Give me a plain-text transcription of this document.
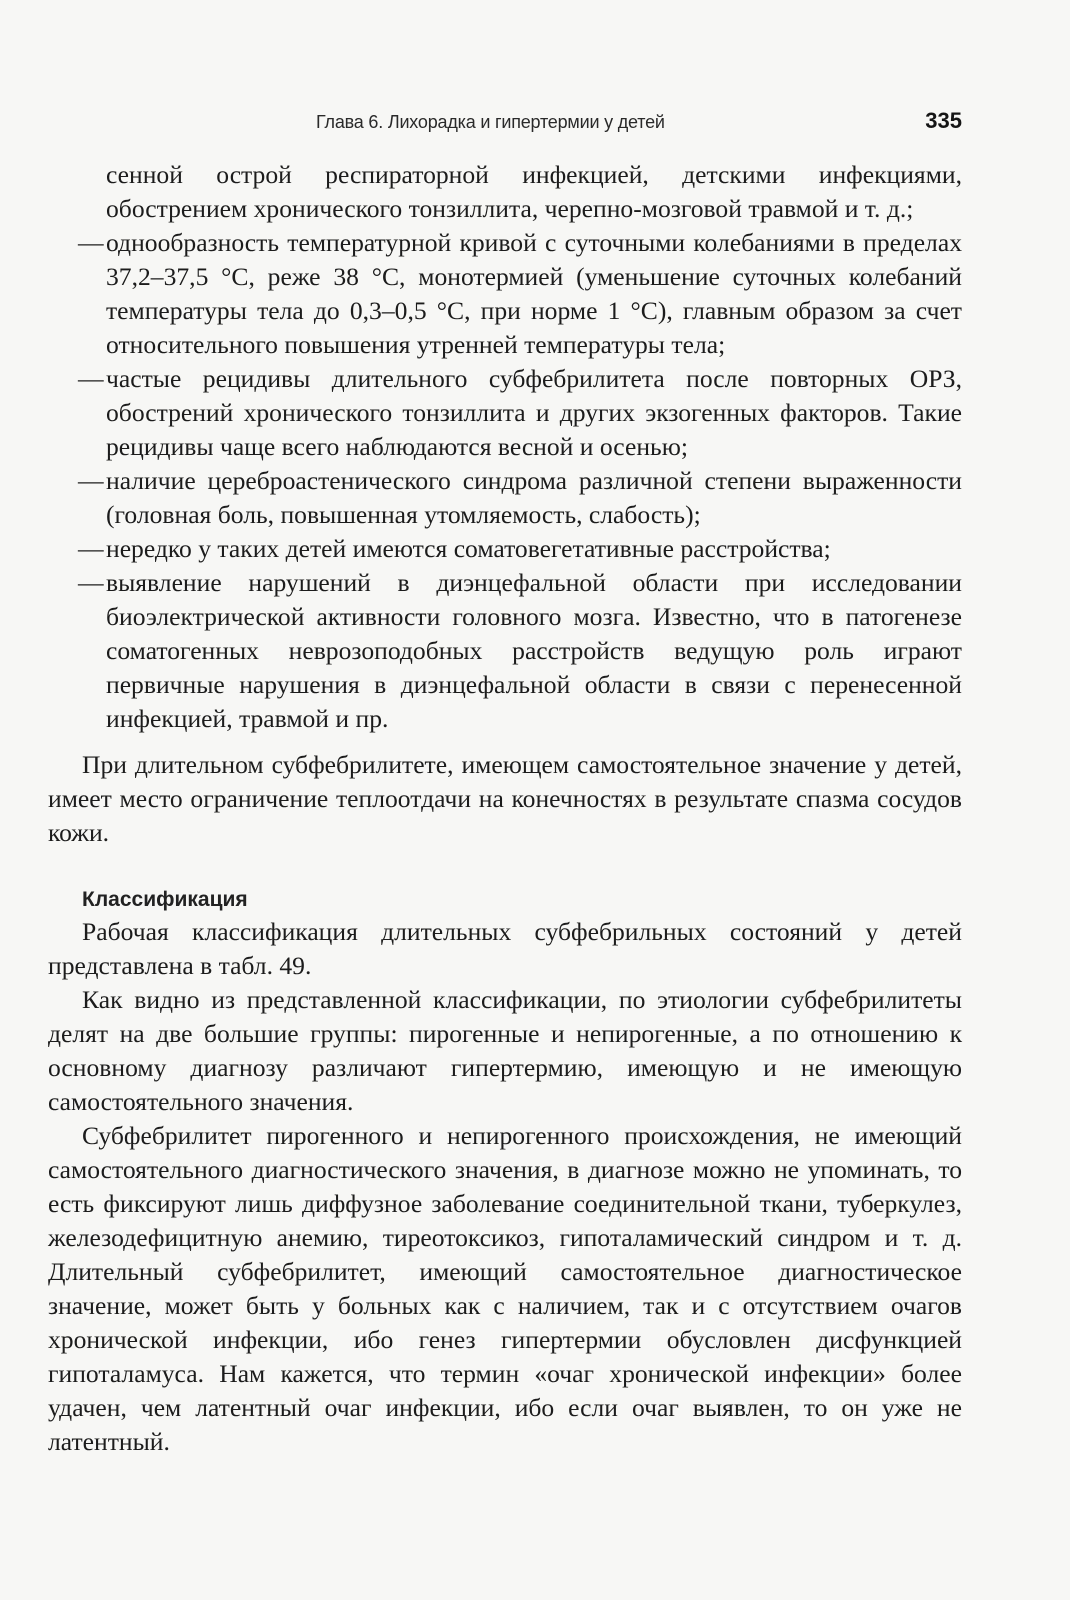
Глава 6. Лихорадка и гипертермии у детей	335

сенной острой респираторной инфекцией, детскими инфекциями, обострением хронического тонзиллита, черепно-мозговой травмой и т. д.;

— однообразность температурной кривой с суточными колебаниями в пределах 37,2–37,5 °С, реже 38 °С, монотермией (уменьшение суточных колебаний температуры тела до 0,3–0,5 °С, при норме 1 °С), главным образом за счет относительного повышения утренней температуры тела;
— частые рецидивы длительного субфебрилитета после повторных ОРЗ, обострений хронического тонзиллита и других экзогенных факторов. Такие рецидивы чаще всего наблюдаются весной и осенью;
— наличие цереброастенического синдрома различной степени выраженности (головная боль, повышенная утомляемость, слабость);
— нередко у таких детей имеются соматовегетативные расстройства;
— выявление нарушений в диэнцефальной области при исследовании биоэлектрической активности головного мозга. Известно, что в патогенезе соматогенных неврозоподобных расстройств ведущую роль играют первичные нарушения в диэнцефальной области в связи с перенесенной инфекцией, травмой и пр.

При длительном субфебрилитете, имеющем самостоятельное значение у детей, имеет место ограничение теплоотдачи на конечностях в результате спазма сосудов кожи.

Классификация

Рабочая классификация длительных субфебрильных состояний у детей представлена в табл. 49.

Как видно из представленной классификации, по этиологии субфебрилитеты делят на две большие группы: пирогенные и непирогенные, а по отношению к основному диагнозу различают гипертермию, имеющую и не имеющую самостоятельного значения.

Субфебрилитет пирогенного и непирогенного происхождения, не имеющий самостоятельного диагностического значения, в диагнозе можно не упоминать, то есть фиксируют лишь диффузное заболевание соединительной ткани, туберкулез, железодефицитную анемию, тиреотоксикоз, гипоталамический синдром и т. д. Длительный субфебрилитет, имеющий самостоятельное диагностическое значение, может быть у больных как с наличием, так и с отсутствием очагов хронической инфекции, ибо генез гипертермии обусловлен дисфункцией гипоталамуса. Нам кажется, что термин «очаг хронической инфекции» более удачен, чем латентный очаг инфекции, ибо если очаг выявлен, то он уже не латентный.
